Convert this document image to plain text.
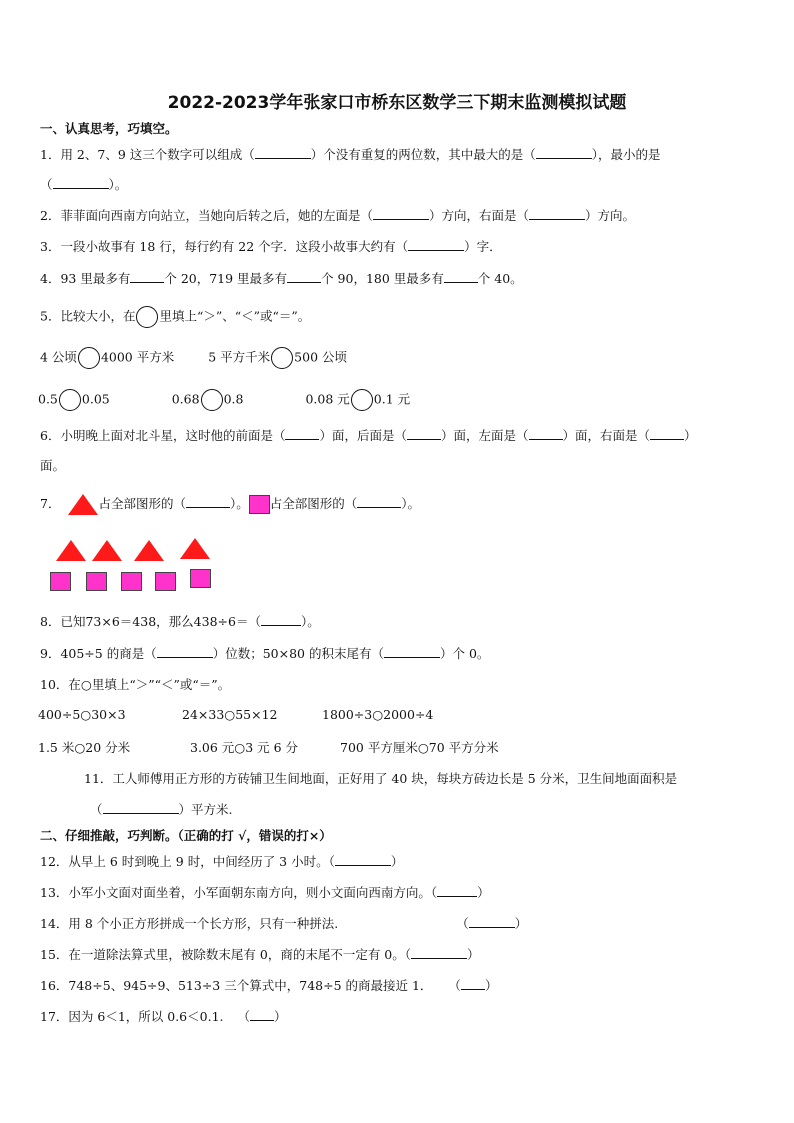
2022-2023学年张家口市桥东区数学三下期末监测模拟试题
一、认真思考，巧填空。
1．用 2、7、9 这三个数字可以组成（	）个没有重复的两位数，其中最大的是（	），最小的是
（	）。
2．菲菲面向西南方向站立，当她向后转之后，她的左面是（	）方向，右面是（	）方向。
3．一段小故事有 18 行，每行约有 22 个字．这段小故事大约有（	）字．
4．93 里最多有	个 20，719 里最多有	个 90，180 里最多有	个 40。
5．比较大小，在 里填上“＞”、“＜”或“＝”。
4 公顷 4000 平方米	5 平方千米 500 公顷
0.5 0.05	0.68 0.8	0.08 元 0.1 元
6．小明晚上面对北斗星，这时他的前面是（	）面，后面是（	）面，左面是（	）面，右面是（	）
面。
7．	占全部图形的（	）。 占全部图形的（	）。
8．已知73×6＝438，那么438÷6＝（	）。
9．405÷5 的商是（	）位数；50×80 的积末尾有（	）个 0。
10．在○里填上“＞”“＜”或“＝”。
400÷5○30×3	24×33○55×12	1800÷3○2000÷4
1.5 米○20 分米	3.06 元○3 元 6 分	700 平方厘米○70 平方分米
11．工人师傅用正方形的方砖铺卫生间地面，正好用了 40 块，每块方砖边长是 5 分米，卫生间地面面积是
（	）平方米.
二、仔细推敲，巧判断。（正确的打 √，错误的打×）
12．从早上 6 时到晚上 9 时，中间经历了 3 小时。（	）
13．小军小文面对面坐着，小军面朝东南方向，则小文面向西南方向。（	）
14．用 8 个小正方形拼成一个长方形，只有一种拼法.	（	）
15．在一道除法算式里，被除数末尾有 0，商的末尾不一定有 0。（	）
16．748÷5、945÷9、513÷3 三个算式中，748÷5 的商最接近 1． （ ）
17．因为 6＜1，所以 0.6＜0.1. （ ）
